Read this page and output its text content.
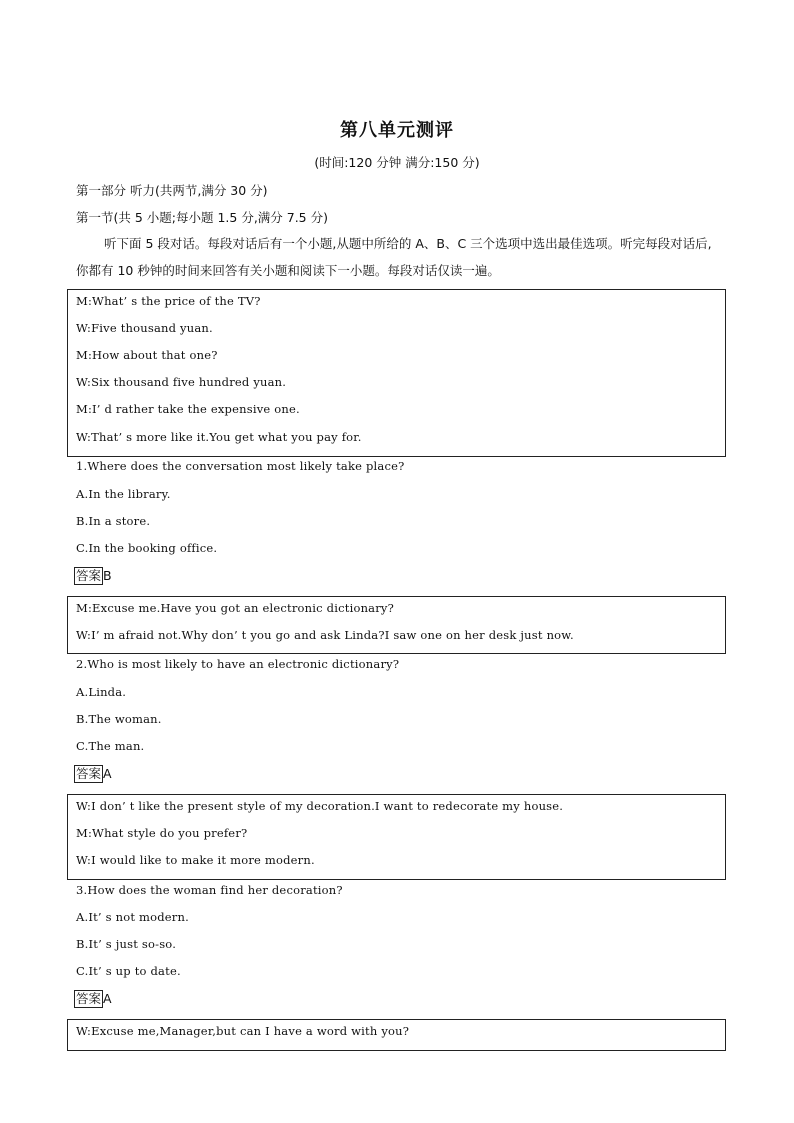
第八单元测评
(时间:120 分钟 满分:150 分)
第一部分 听力(共两节,满分 30 分)
第一节(共 5 小题;每小题 1.5 分,满分 7.5 分)
听下面 5 段对话。每段对话后有一个小题,从题中所给的 A、B、C 三个选项中选出最佳选项。听完每段对话后,你都有 10 秒钟的时间来回答有关小题和阅读下一小题。每段对话仅读一遍。
M:What’ s the price of the TV?
W:Five thousand yuan.
M:How about that one?
W:Six thousand five hundred yuan.
M:I’ d rather take the expensive one.
W:That’ s more like it.You get what you pay for.
1.Where does the conversation most likely take place?
A.In the library.
B.In a store.
C.In the booking office.
答案 B
M:Excuse me.Have you got an electronic dictionary?
W:I’ m afraid not.Why don’ t you go and ask Linda?I saw one on her desk just now.
2.Who is most likely to have an electronic dictionary?
A.Linda.
B.The woman.
C.The man.
答案 A
W:I don’ t like the present style of my decoration.I want to redecorate my house.
M:What style do you prefer?
W:I would like to make it more modern.
3.How does the woman find her decoration?
A.It’ s not modern.
B.It’ s just so-so.
C.It’ s up to date.
答案 A
W:Excuse me,Manager,but can I have a word with you?
